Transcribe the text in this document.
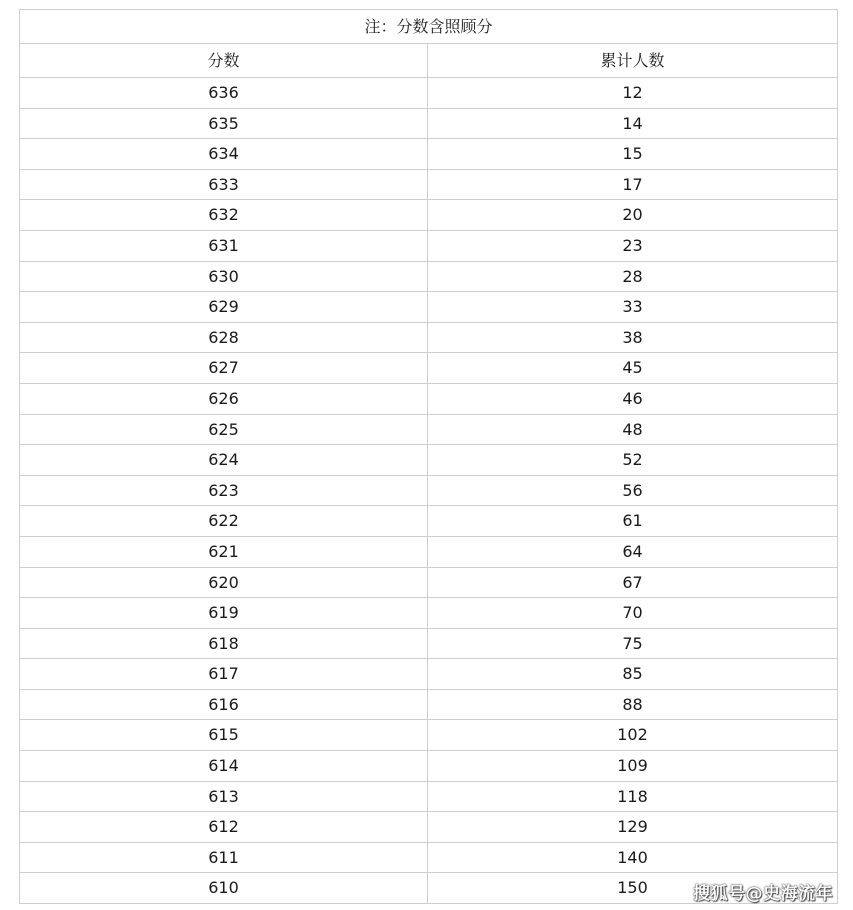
注：分数含照顾分	
分数	累计人数
636	12
635	14
634	15
633	17
632	20
631	23
630	28
629	33
628	38
627	45
626	46
625	48
624	52
623	56
622	61
621	64
620	67
619	70
618	75
617	85
616	88
615	102
614	109
613	118
612	129
611	140
610	150	搜狐号@史海流年
